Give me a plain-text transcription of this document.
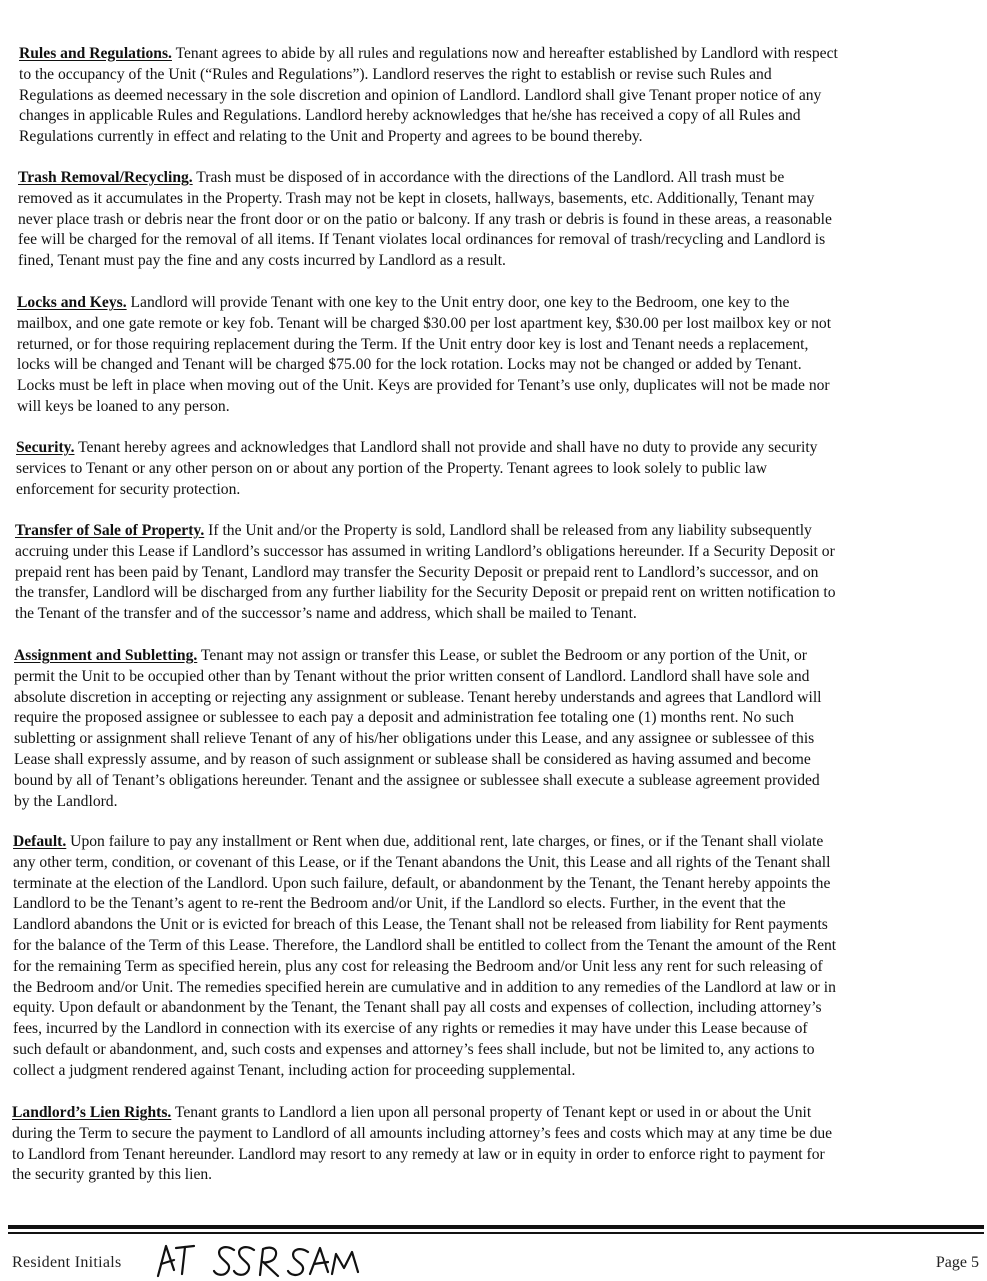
Rules and Regulations. Tenant agrees to abide by all rules and regulations now and hereafter established by Landlord with respect
to the occupancy of the Unit (“Rules and Regulations”). Landlord reserves the right to establish or revise such Rules and
Regulations as deemed necessary in the sole discretion and opinion of Landlord. Landlord shall give Tenant proper notice of any
changes in applicable Rules and Regulations. Landlord hereby acknowledges that he/she has received a copy of all Rules and
Regulations currently in effect and relating to the Unit and Property and agrees to be bound thereby.
Trash Removal/Recycling. Trash must be disposed of in accordance with the directions of the Landlord. All trash must be
removed as it accumulates in the Property. Trash may not be kept in closets, hallways, basements, etc. Additionally, Tenant may
never place trash or debris near the front door or on the patio or balcony. If any trash or debris is found in these areas, a reasonable
fee will be charged for the removal of all items. If Tenant violates local ordinances for removal of trash/recycling and Landlord is
fined, Tenant must pay the fine and any costs incurred by Landlord as a result.
Locks and Keys. Landlord will provide Tenant with one key to the Unit entry door, one key to the Bedroom, one key to the
mailbox, and one gate remote or key fob. Tenant will be charged $30.00 per lost apartment key, $30.00 per lost mailbox key or not
returned, or for those requiring replacement during the Term. If the Unit entry door key is lost and Tenant needs a replacement,
locks will be changed and Tenant will be charged $75.00 for the lock rotation. Locks may not be changed or added by Tenant.
Locks must be left in place when moving out of the Unit. Keys are provided for Tenant’s use only, duplicates will not be made nor
will keys be loaned to any person.
Security. Tenant hereby agrees and acknowledges that Landlord shall not provide and shall have no duty to provide any security
services to Tenant or any other person on or about any portion of the Property. Tenant agrees to look solely to public law
enforcement for security protection.
Transfer of Sale of Property. If the Unit and/or the Property is sold, Landlord shall be released from any liability subsequently
accruing under this Lease if Landlord’s successor has assumed in writing Landlord’s obligations hereunder. If a Security Deposit or
prepaid rent has been paid by Tenant, Landlord may transfer the Security Deposit or prepaid rent to Landlord’s successor, and on
the transfer, Landlord will be discharged from any further liability for the Security Deposit or prepaid rent on written notification to
the Tenant of the transfer and of the successor’s name and address, which shall be mailed to Tenant.
Assignment and Subletting. Tenant may not assign or transfer this Lease, or sublet the Bedroom or any portion of the Unit, or
permit the Unit to be occupied other than by Tenant without the prior written consent of Landlord. Landlord shall have sole and
absolute discretion in accepting or rejecting any assignment or sublease. Tenant hereby understands and agrees that Landlord will
require the proposed assignee or sublessee to each pay a deposit and administration fee totaling one (1) months rent. No such
subletting or assignment shall relieve Tenant of any of his/her obligations under this Lease, and any assignee or sublessee of this
Lease shall expressly assume, and by reason of such assignment or sublease shall be considered as having assumed and become
bound by all of Tenant’s obligations hereunder. Tenant and the assignee or sublessee shall execute a sublease agreement provided
by the Landlord.
Default. Upon failure to pay any installment or Rent when due, additional rent, late charges, or fines, or if the Tenant shall violate
any other term, condition, or covenant of this Lease, or if the Tenant abandons the Unit, this Lease and all rights of the Tenant shall
terminate at the election of the Landlord. Upon such failure, default, or abandonment by the Tenant, the Tenant hereby appoints the
Landlord to be the Tenant’s agent to re-rent the Bedroom and/or Unit, if the Landlord so elects. Further, in the event that the
Landlord abandons the Unit or is evicted for breach of this Lease, the Tenant shall not be released from liability for Rent payments
for the balance of the Term of this Lease. Therefore, the Landlord shall be entitled to collect from the Tenant the amount of the Rent
for the remaining Term as specified herein, plus any cost for releasing the Bedroom and/or Unit less any rent for such releasing of
the Bedroom and/or Unit. The remedies specified herein are cumulative and in addition to any remedies of the Landlord at law or in
equity. Upon default or abandonment by the Tenant, the Tenant shall pay all costs and expenses of collection, including attorney’s
fees, incurred by the Landlord in connection with its exercise of any rights or remedies it may have under this Lease because of
such default or abandonment, and, such costs and expenses and attorney’s fees shall include, but not be limited to, any actions to
collect a judgment rendered against Tenant, including action for proceeding supplemental.
Landlord’s Lien Rights. Tenant grants to Landlord a lien upon all personal property of Tenant kept or used in or about the Unit
during the Term to secure the payment to Landlord of all amounts including attorney’s fees and costs which may at any time be due
to Landlord from Tenant hereunder. Landlord may resort to any remedy at law or in equity in order to enforce right to payment for
the security granted by this lien.
Resident Initials	Page 5
